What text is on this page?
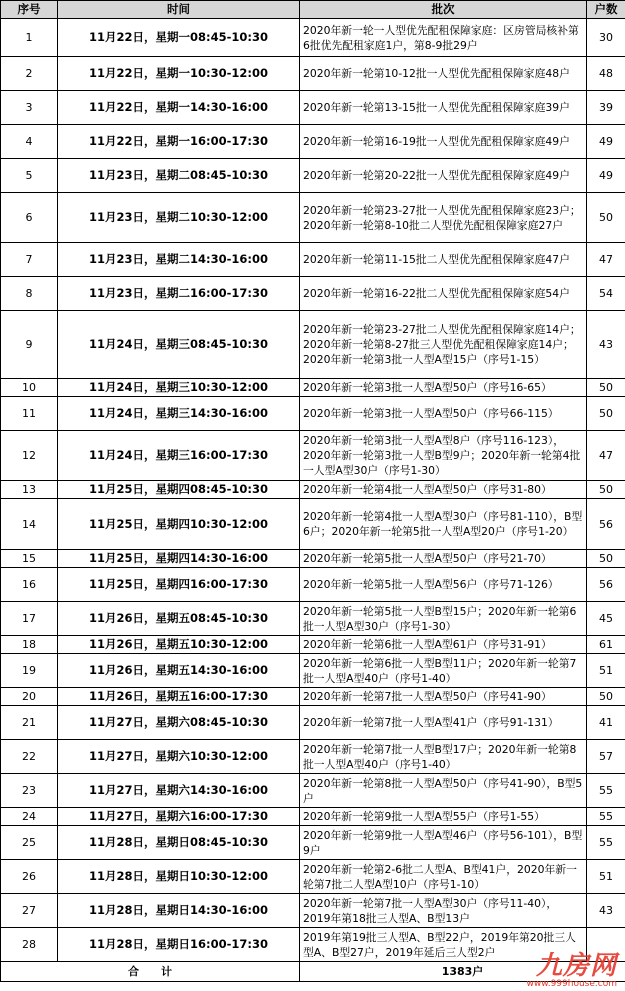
序号	时间	批次	户数
1	11月22日，星期一08:45-10:30	2020年新一轮一人型优先配租保障家庭：区房管局核补第6批优先配租家庭1户，第8-9批29户	30
2	11月22日，星期一10:30-12:00	2020年新一轮第10-12批一人型优先配租保障家庭48户	48
3	11月22日，星期一14:30-16:00	2020年新一轮第13-15批一人型优先配租保障家庭39户	39
4	11月22日，星期一16:00-17:30	2020年新一轮第16-19批一人型优先配租保障家庭49户	49
5	11月23日，星期二08:45-10:30	2020年新一轮第20-22批一人型优先配租保障家庭49户	49
6	11月23日，星期二10:30-12:00	2020年新一轮第23-27批一人型优先配租保障家庭23户；2020年新一轮第8-10批二人型优先配租保障家庭27户	50
7	11月23日，星期二14:30-16:00	2020年新一轮第11-15批二人型优先配租保障家庭47户	47
8	11月23日，星期二16:00-17:30	2020年新一轮第16-22批二人型优先配租保障家庭54户	54
9	11月24日，星期三08:45-10:30	2020年新一轮第23-27批二人型优先配租保障家庭14户；2020年新一轮第8-27批三人型优先配租保障家庭14户；2020年新一轮第3批一人型A型15户（序号1-15）	43
10	11月24日，星期三10:30-12:00	2020年新一轮第3批一人型A型50户（序号16-65）	50
11	11月24日，星期三14:30-16:00	2020年新一轮第3批一人型A型50户（序号66-115）	50
12	11月24日，星期三16:00-17:30	2020年新一轮第3批一人型A型8户（序号116-123），2020年新一轮第3批一人型B型9户；2020年新一轮第4批一人型A型30户（序号1-30）	47
13	11月25日，星期四08:45-10:30	2020年新一轮第4批一人型A型50户（序号31-80）	50
14	11月25日，星期四10:30-12:00	2020年新一轮第4批一人型A型30户（序号81-110），B型6户；2020年新一轮第5批一人型A型20户（序号1-20）	56
15	11月25日，星期四14:30-16:00	2020年新一轮第5批一人型A型50户（序号21-70）	50
16	11月25日，星期四16:00-17:30	2020年新一轮第5批一人型A型56户（序号71-126）	56
17	11月26日，星期五08:45-10:30	2020年新一轮第5批一人型B型15户；2020年新一轮第6批一人型A型30户（序号1-30）	45
18	11月26日，星期五10:30-12:00	2020年新一轮第6批一人型A型61户（序号31-91）	61
19	11月26日，星期五14:30-16:00	2020年新一轮第6批一人型B型11户；2020年新一轮第7批一人型A型40户（序号1-40）	51
20	11月26日，星期五16:00-17:30	2020年新一轮第7批一人型A型50户（序号41-90）	50
21	11月27日，星期六08:45-10:30	2020年新一轮第7批一人型A型41户（序号91-131）	41
22	11月27日，星期六10:30-12:00	2020年新一轮第7批一人型B型17户；2020年新一轮第8批一人型A型40户（序号1-40）	57
23	11月27日，星期六14:30-16:00	2020年新一轮第8批一人型A型50户（序号41-90），B型5户	55
24	11月27日，星期六16:00-17:30	2020年新一轮第9批一人型A型55户（序号1-55）	55
25	11月28日，星期日08:45-10:30	2020年新一轮第9批一人型A型46户（序号56-101），B型9户	55
26	11月28日，星期日10:30-12:00	2020年新一轮第2-6批二人型A、B型41户，2020年新一轮第7批二人型A型10户（序号1-10）	51
27	11月28日，星期日14:30-16:00	2020年新一轮第7批一人型A型30户（序号11-40），2019年第18批三人型A、B型13户	43
28	11月28日，星期日16:00-17:30	2019年第19批三人型A、B型22户，2019年第20批三人型A、B型27户，2019年延后三人型2户	
合　　计		1383户		九房网
www.999house.com
